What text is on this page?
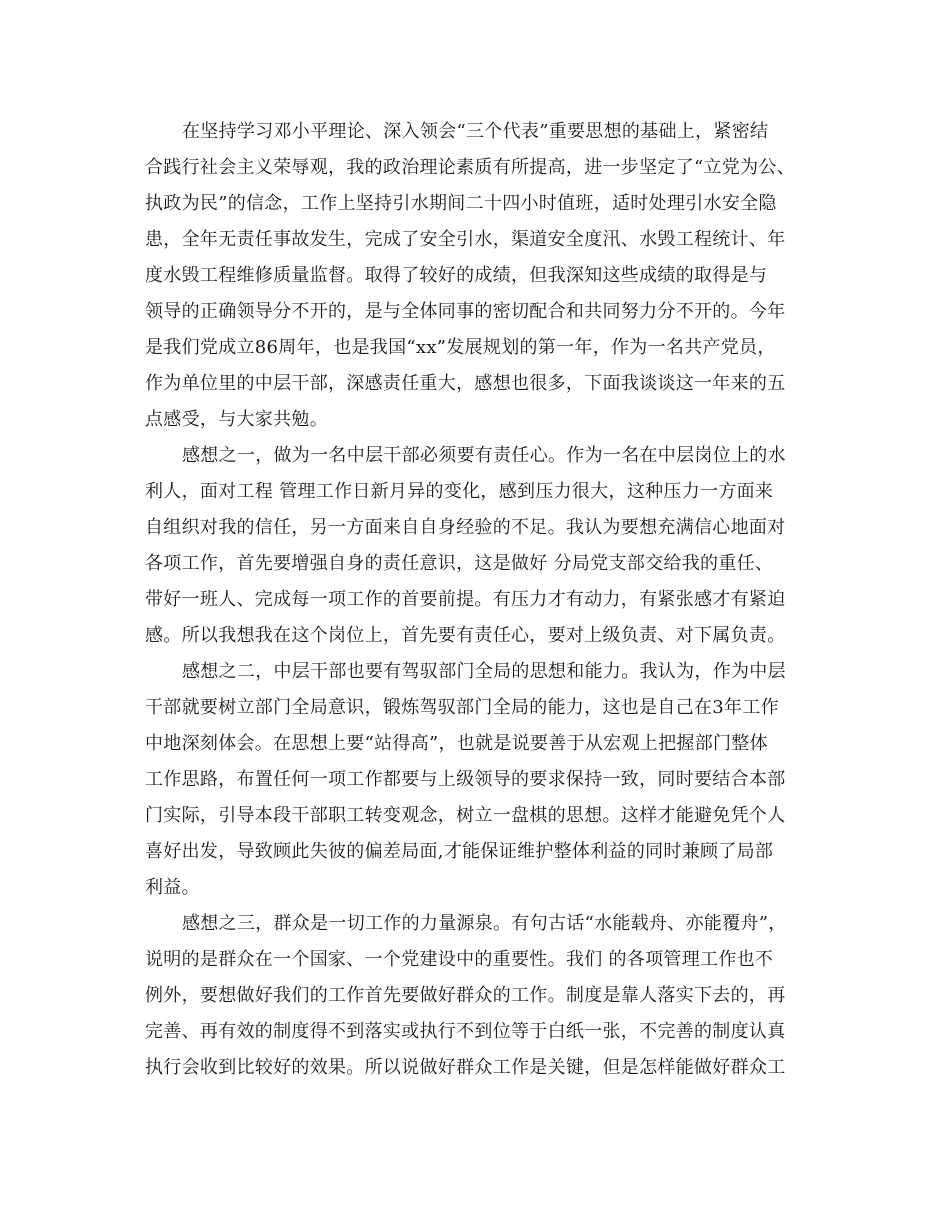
在坚持学习邓小平理论、深入领会“三个代表”重要思想的基础上，紧密结
合践行社会主义荣辱观，我的政治理论素质有所提高，进一步坚定了“立党为公、
执政为民”的信念，工作上坚持引水期间二十四小时值班，适时处理引水安全隐
患，全年无责任事故发生，完成了安全引水，渠道安全度汛、水毁工程统计、年
度水毁工程维修质量监督。取得了较好的成绩，但我深知这些成绩的取得是与
领导的正确领导分不开的，是与全体同事的密切配合和共同努力分不开的。今年
是我们党成立86周年，也是我国“xx”发展规划的第一年，作为一名共产党员，
作为单位里的中层干部，深感责任重大，感想也很多，下面我谈谈这一年来的五
点感受，与大家共勉。
感想之一，做为一名中层干部必须要有责任心。作为一名在中层岗位上的水
利人，面对工程 管理工作日新月异的变化，感到压力很大，这种压力一方面来
自组织对我的信任，另一方面来自自身经验的不足。我认为要想充满信心地面对
各项工作，首先要增强自身的责任意识，这是做好 分局党支部交给我的重任、
带好一班人、完成每一项工作的首要前提。有压力才有动力，有紧张感才有紧迫
感。所以我想我在这个岗位上，首先要有责任心，要对上级负责、对下属负责。
感想之二，中层干部也要有驾驭部门全局的思想和能力。我认为，作为中层
干部就要树立部门全局意识，锻炼驾驭部门全局的能力，这也是自己在3年工作
中地深刻体会。在思想上要“站得高”，也就是说要善于从宏观上把握部门整体
工作思路，布置任何一项工作都要与上级领导的要求保持一致，同时要结合本部
门实际，引导本段干部职工转变观念，树立一盘棋的思想。这样才能避免凭个人
喜好出发，导致顾此失彼的偏差局面,才能保证维护整体利益的同时兼顾了局部
利益。
感想之三，群众是一切工作的力量源泉。有句古话“水能载舟、亦能覆舟”，
说明的是群众在一个国家、一个党建设中的重要性。我们 的各项管理工作也不
例外，要想做好我们的工作首先要做好群众的工作。制度是靠人落实下去的，再
完善、再有效的制度得不到落实或执行不到位等于白纸一张，不完善的制度认真
执行会收到比较好的效果。所以说做好群众工作是关键，但是怎样能做好群众工
